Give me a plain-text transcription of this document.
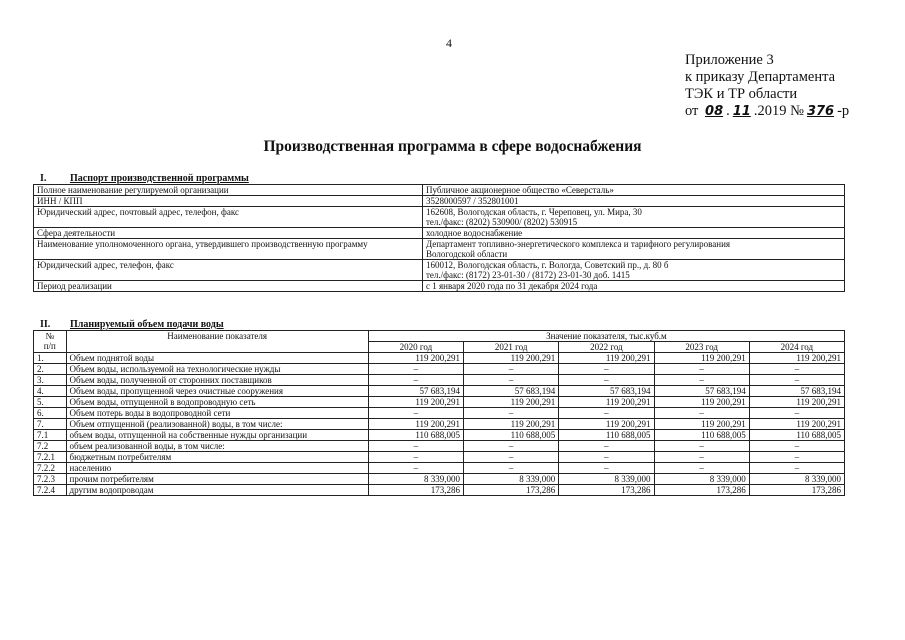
4
Приложение 3
к приказу Департамента
ТЭК и ТР области
от 08 . 11 .2019 № 376 -р
Производственная программа в сфере водоснабжения
I. Паспорт производственной программы
Полное наименование регулируемой организации	Публичное акционерное общество «Северсталь»

ИНН / КПП	3528000597 / 352801001

Юридический адрес, почтовый адрес, телефон, факс	162608, Вологодская область, г. Череповец, ул. Мира, 30
тел./факс: (8202) 530900/ (8202) 530915

Сфера деятельности	холодное водоснабжение

Наименование уполномоченного органа, утвердившего производственную программу	Департамент топливно-энергетического комплекса и тарифного регулирования
Вологодской области

Юридический адрес, телефон, факс	160012, Вологодская область, г. Вологда, Советский пр., д. 80 б
тел./факс: (8172) 23-01-30 / (8172) 23-01-30 доб. 1415

Период реализации	с 1 января 2020 года по 31 декабря 2024 года
II. Планируемый объем подачи воды
№
п/п	Наименование показателя	Значение показателя, тыс.куб.м				
		2020 год	2021 год	2022 год	2023 год	2024 год
1.	Объем поднятой воды	119 200,291	119 200,291	119 200,291	119 200,291	119 200,291
2.	Объем воды, используемой на технологические нужды	–	–	–	–	–
3.	Объем воды, полученной от сторонних поставщиков	–	–	–	–	–
4.	Объем воды, пропущенной через очистные сооружения	57 683,194	57 683,194	57 683,194	57 683,194	57 683,194
5.	Объем воды, отпущенной в водопроводную сеть	119 200,291	119 200,291	119 200,291	119 200,291	119 200,291
6.	Объем потерь воды в водопроводной сети	–	–	–	–	–
7.	Объем отпущенной (реализованной) воды, в том числе:	119 200,291	119 200,291	119 200,291	119 200,291	119 200,291
7.1	объем воды, отпущенной на собственные нужды организации	110 688,005	110 688,005	110 688,005	110 688,005	110 688,005
7.2	объем реализованной воды, в том числе:	–	–	–	–	–
7.2.1	бюджетным потребителям	–	–	–	–	–
7.2.2	населению	–	–	–	–	–
7.2.3	прочим потребителям	8 339,000	8 339,000	8 339,000	8 339,000	8 339,000
7.2.4	другим водопроводам	173,286	173,286	173,286	173,286	173,286
